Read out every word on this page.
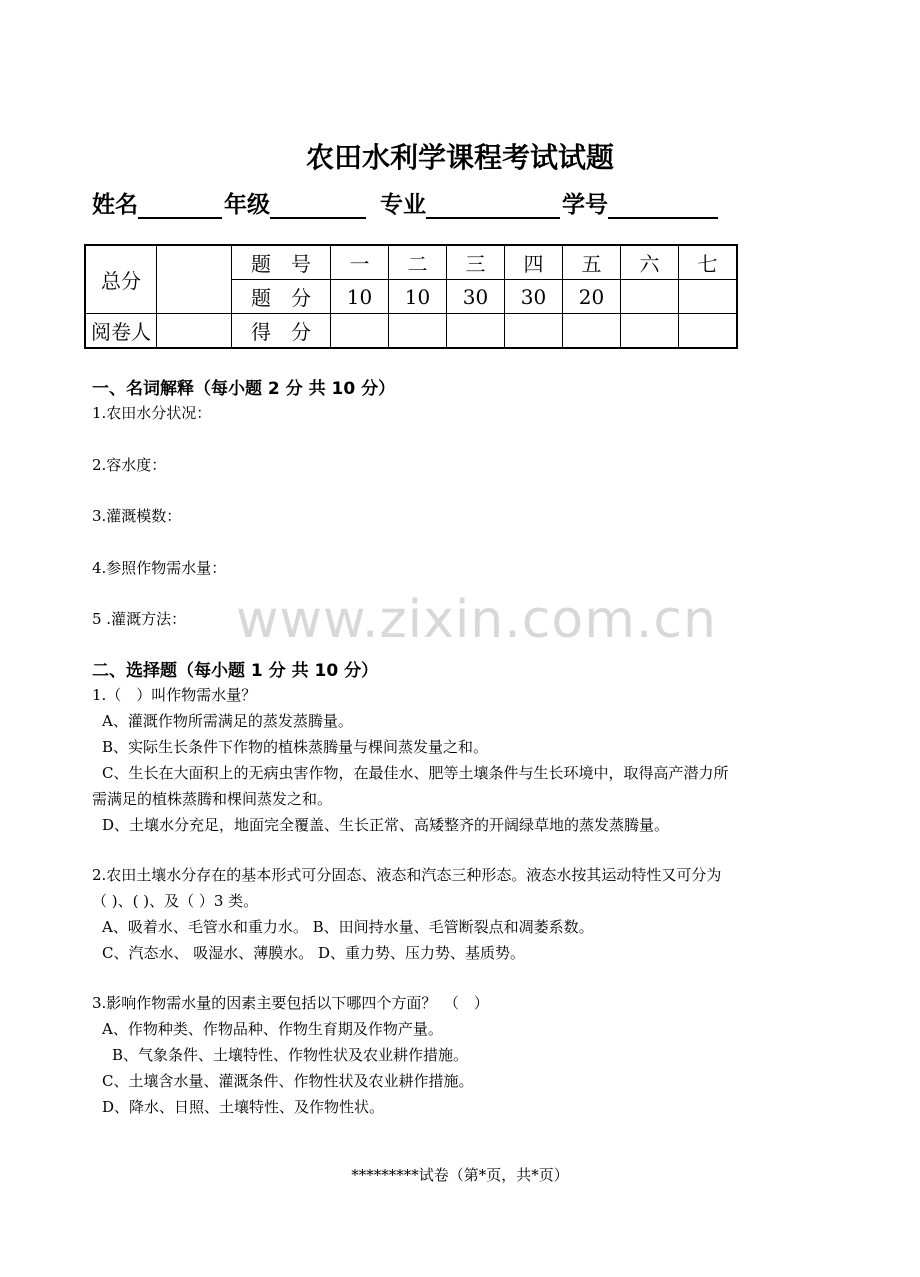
农田水利学课程考试试题
姓名	年级	专业	学号
总分		题　号	一	二	三	四	五	六	七
		题　分	10	10	30	30	20		
阅卷人		得　分							
一、名词解释（每小题 2 分 共 10 分）
1.农田水分状况：
2.容水度：
3.灌溉模数：
4.参照作物需水量：
5 .灌溉方法： www.zixin.com.cn
二、选择题（每小题 1 分 共 10 分）
1.（　）叫作物需水量？
A、灌溉作物所需满足的蒸发蒸腾量。
B、实际生长条件下作物的植株蒸腾量与棵间蒸发量之和。
C、生长在大面积上的无病虫害作物，在最佳水、肥等土壤条件与生长环境中，取得高产潜力所
需满足的植株蒸腾和棵间蒸发之和。
D、土壤水分充足，地面完全覆盖、生长正常、高矮整齐的开阔绿草地的蒸发蒸腾量。
2.农田土壤水分存在的基本形式可分固态、液态和汽态三种形态。液态水按其运动特性又可分为
（ )、( )、及（ ）3 类。
A、吸着水、毛管水和重力水。 B、田间持水量、毛管断裂点和凋萎系数。
C、汽态水、 吸湿水、薄膜水。 D、重力势、压力势、基质势。
3.影响作物需水量的因素主要包括以下哪四个方面？　（　）
A、作物种类、作物品种、作物生育期及作物产量。
B、气象条件、土壤特性、作物性状及农业耕作措施。
C、土壤含水量、灌溉条件、作物性状及农业耕作措施。
D、降水、日照、土壤特性、及作物性状。
*********试卷（第*页，共*页）
